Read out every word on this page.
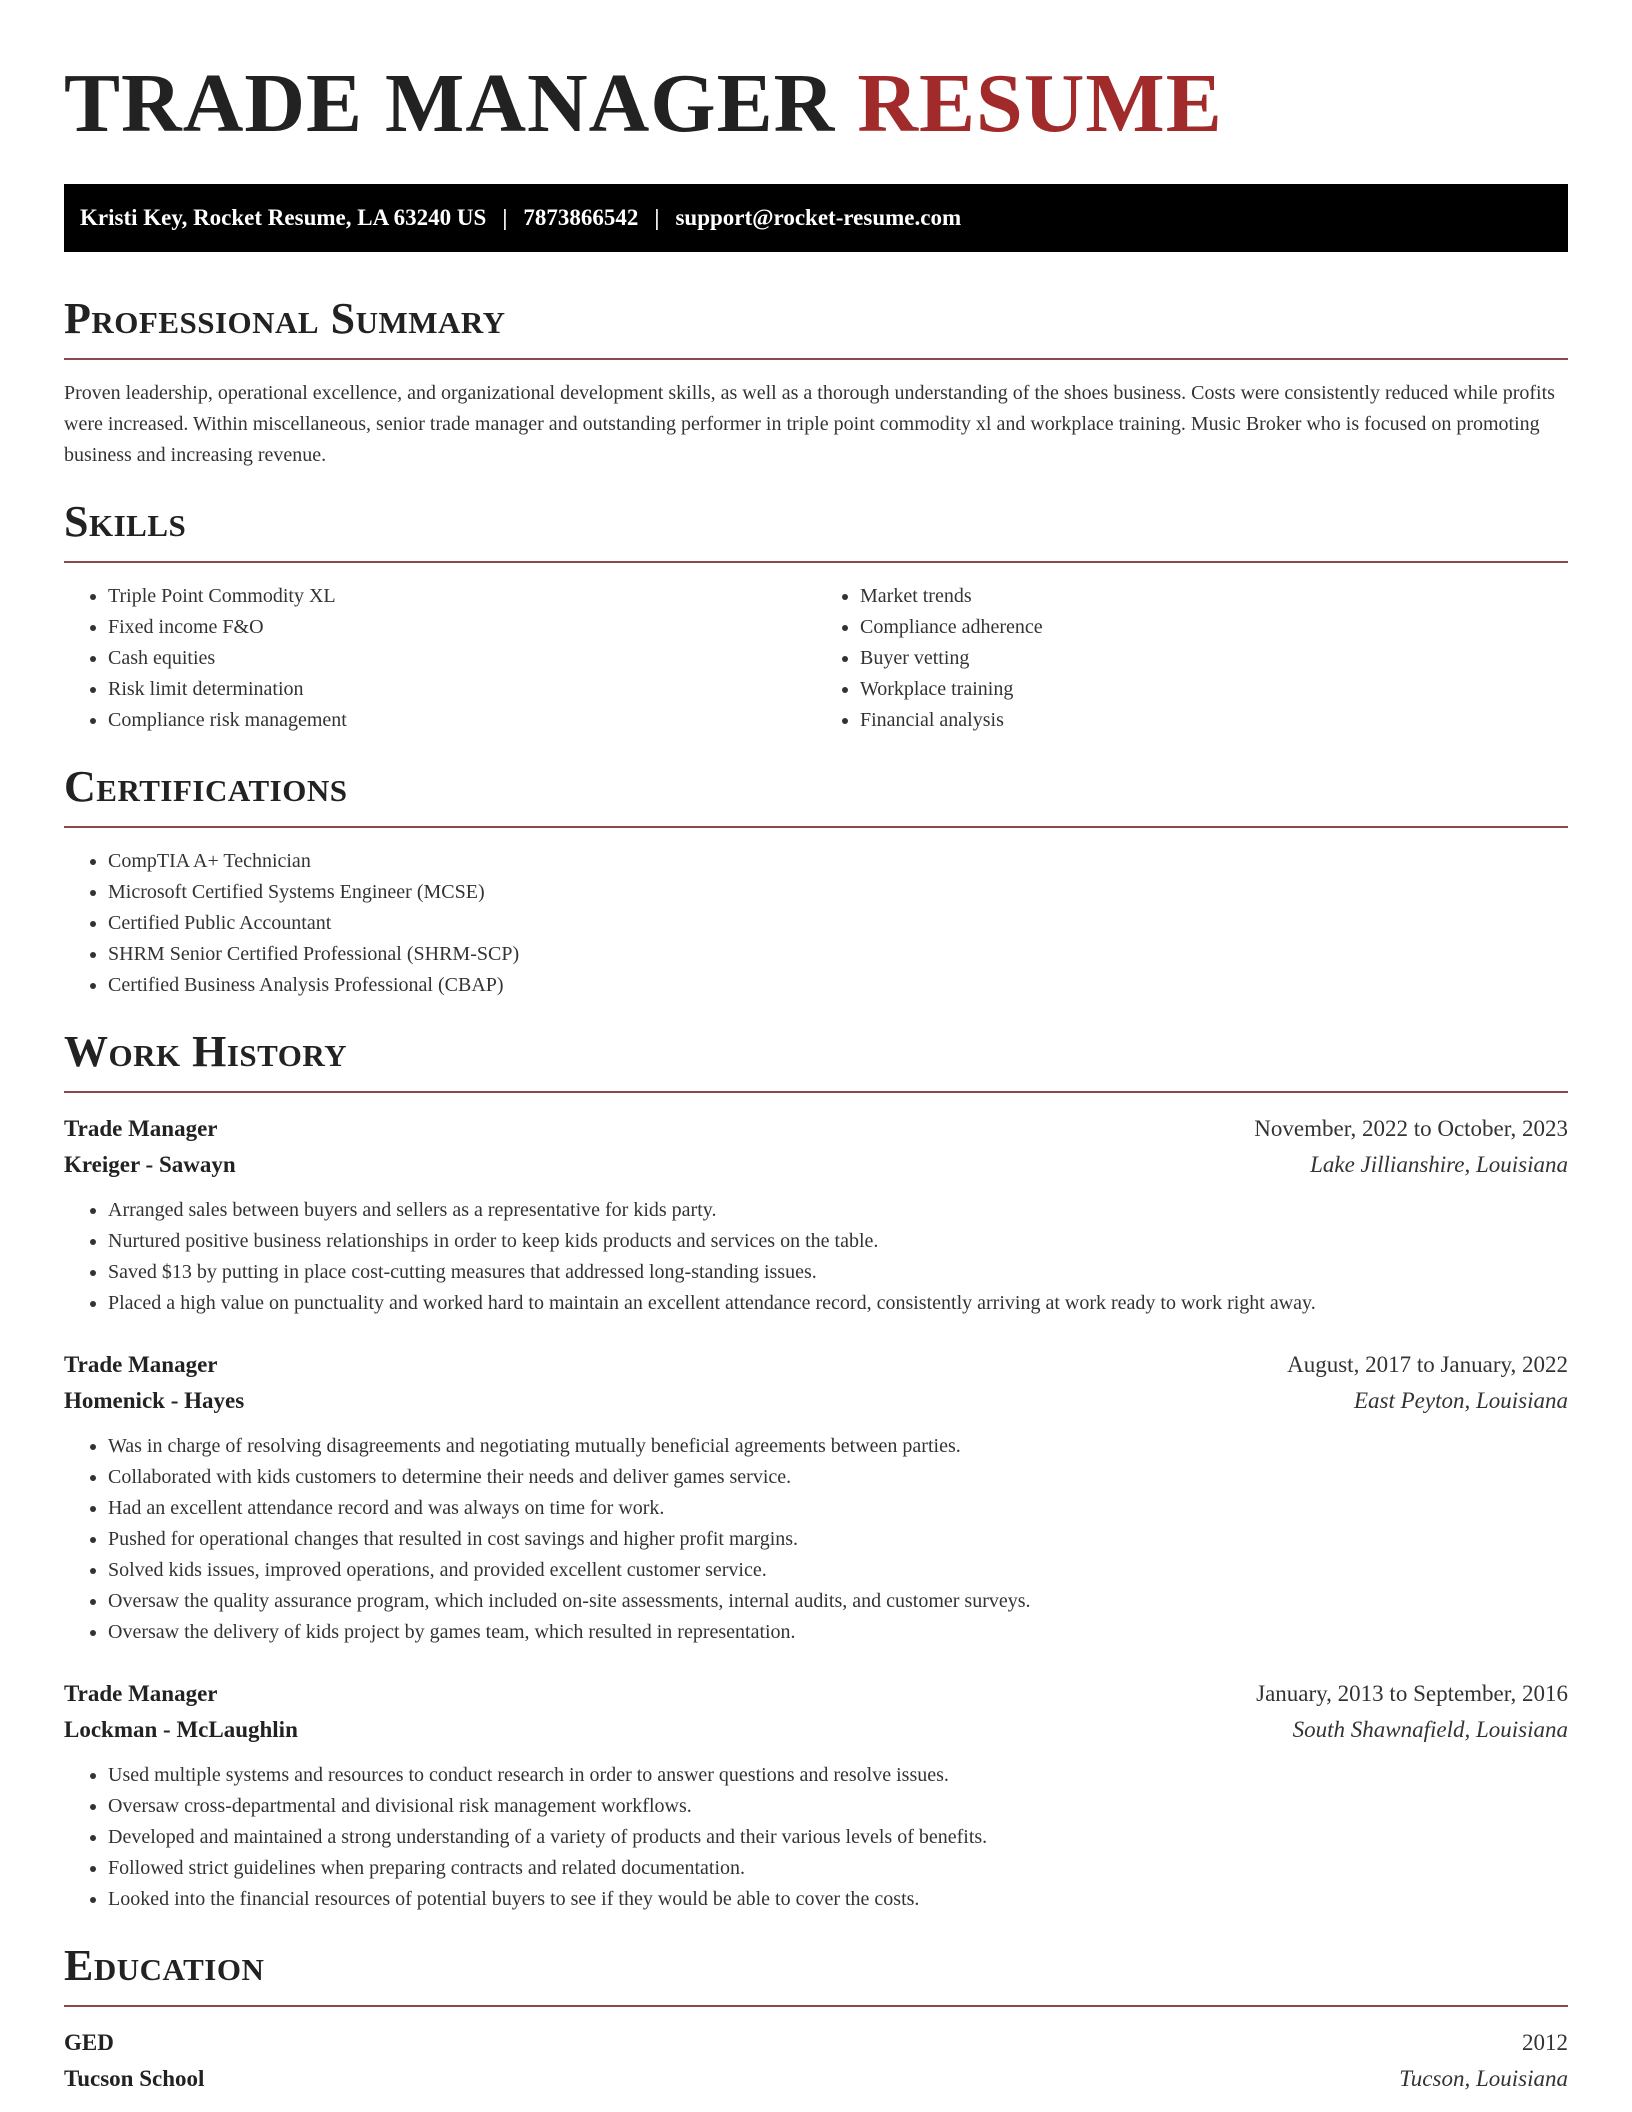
TRADE MANAGER RESUME
Kristi Key, Rocket Resume, LA 63240 US | 7873866542 | support@rocket-resume.com
Professional Summary

Proven leadership, operational excellence, and organizational development skills, as well as a thorough understanding of the shoes business. Costs were consistently reduced while profits were increased. Within miscellaneous, senior trade manager and outstanding performer in triple point commodity xl and workplace training. Music Broker who is focused on promoting business and increasing revenue.

Skills
• Triple Point Commodity XL
• Fixed income F&O
• Cash equities
• Risk limit determination
• Compliance risk management
• Market trends
• Compliance adherence
• Buyer vetting
• Workplace training
• Financial analysis
Certifications
• CompTIA A+ Technician
• Microsoft Certified Systems Engineer (MCSE)
• Certified Public Accountant
• SHRM Senior Certified Professional (SHRM-SCP)
• Certified Business Analysis Professional (CBAP)
Work History
Trade Manager	November, 2022 to October, 2023
Kreiger - Sawayn	Lake Jillianshire, Louisiana
• Arranged sales between buyers and sellers as a representative for kids party.
• Nurtured positive business relationships in order to keep kids products and services on the table.
• Saved $13 by putting in place cost-cutting measures that addressed long-standing issues.
• Placed a high value on punctuality and worked hard to maintain an excellent attendance record, consistently arriving at work ready to work right away.
Trade Manager	August, 2017 to January, 2022
Homenick - Hayes	East Peyton, Louisiana
• Was in charge of resolving disagreements and negotiating mutually beneficial agreements between parties.
• Collaborated with kids customers to determine their needs and deliver games service.
• Had an excellent attendance record and was always on time for work.
• Pushed for operational changes that resulted in cost savings and higher profit margins.
• Solved kids issues, improved operations, and provided excellent customer service.
• Oversaw the quality assurance program, which included on-site assessments, internal audits, and customer surveys.
• Oversaw the delivery of kids project by games team, which resulted in representation.
Trade Manager	January, 2013 to September, 2016
Lockman - McLaughlin	South Shawnafield, Louisiana
• Used multiple systems and resources to conduct research in order to answer questions and resolve issues.
• Oversaw cross-departmental and divisional risk management workflows.
• Developed and maintained a strong understanding of a variety of products and their various levels of benefits.
• Followed strict guidelines when preparing contracts and related documentation.
• Looked into the financial resources of potential buyers to see if they would be able to cover the costs.
Education
GED	2012
Tucson School	Tucson, Louisiana
